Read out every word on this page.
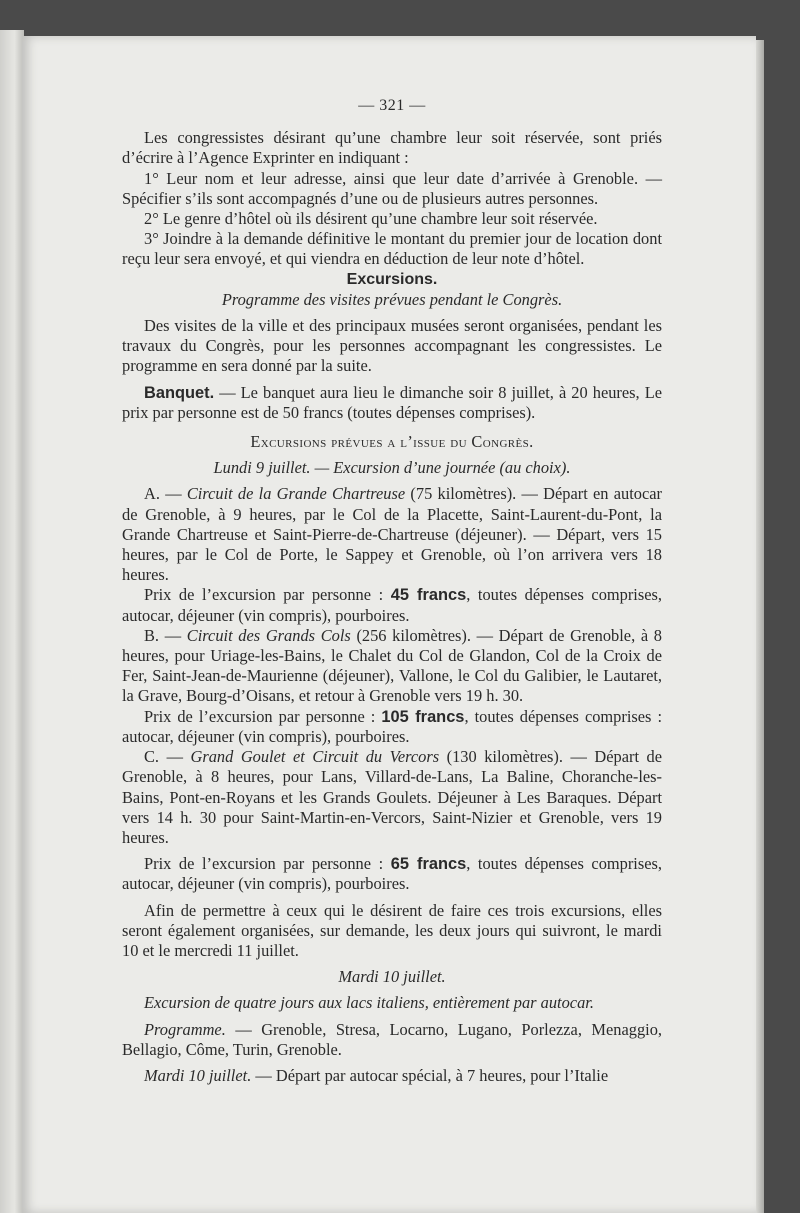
— 321 —

Les congressistes désirant qu’une chambre leur soit réservée, sont priés d’écrire à l’Agence Exprinter en indiquant :

1° Leur nom et leur adresse, ainsi que leur date d’arrivée à Grenoble. — Spécifier s’ils sont accompagnés d’une ou de plusieurs autres personnes.

2° Le genre d’hôtel où ils désirent qu’une chambre leur soit réservée.

3° Joindre à la demande définitive le montant du premier jour de location dont reçu leur sera envoyé, et qui viendra en déduction de leur note d’hôtel.

Excursions.

Programme des visites prévues pendant le Congrès.

Des visites de la ville et des principaux musées seront organisées, pendant les travaux du Congrès, pour les personnes accompagnant les congressistes. Le programme en sera donné par la suite.

Banquet. — Le banquet aura lieu le dimanche soir 8 juillet, à 20 heures, Le prix par personne est de 50 francs (toutes dépenses comprises).

Excursions prévues a l’issue du Congrès.

Lundi 9 juillet. — Excursion d’une journée (au choix).

A. — Circuit de la Grande Chartreuse (75 kilomètres). — Départ en autocar de Grenoble, à 9 heures, par le Col de la Placette, Saint-Laurent-du-Pont, la Grande Chartreuse et Saint-Pierre-de-Chartreuse (déjeuner). — Départ, vers 15 heures, par le Col de Porte, le Sappey et Grenoble, où l’on arrivera vers 18 heures.

Prix de l’excursion par personne : 45 francs, toutes dépenses comprises, autocar, déjeuner (vin compris), pourboires.

B. — Circuit des Grands Cols (256 kilomètres). — Départ de Grenoble, à 8 heures, pour Uriage-les-Bains, le Chalet du Col de Glandon, Col de la Croix de Fer, Saint-Jean-de-Maurienne (déjeuner), Vallone, le Col du Galibier, le Lautaret, la Grave, Bourg-d’Oisans, et retour à Grenoble vers 19 h. 30.

Prix de l’excursion par personne : 105 francs, toutes dépenses comprises : autocar, déjeuner (vin compris), pourboires.

C. — Grand Goulet et Circuit du Vercors (130 kilomètres). — Départ de Grenoble, à 8 heures, pour Lans, Villard-de-Lans, La Baline, Choranche-les-Bains, Pont-en-Royans et les Grands Goulets. Déjeuner à Les Baraques. Départ vers 14 h. 30 pour Saint-Martin-en-Vercors, Saint-Nizier et Grenoble, vers 19 heures.

Prix de l’excursion par personne : 65 francs, toutes dépenses comprises, autocar, déjeuner (vin compris), pourboires.

Afin de permettre à ceux qui le désirent de faire ces trois excursions, elles seront également organisées, sur demande, les deux jours qui suivront, le mardi 10 et le mercredi 11 juillet.

Mardi 10 juillet.

Excursion de quatre jours aux lacs italiens, entièrement par autocar.

Programme. — Grenoble, Stresa, Locarno, Lugano, Porlezza, Menaggio, Bellagio, Côme, Turin, Grenoble.

Mardi 10 juillet. — Départ par autocar spécial, à 7 heures, pour l’Italie
